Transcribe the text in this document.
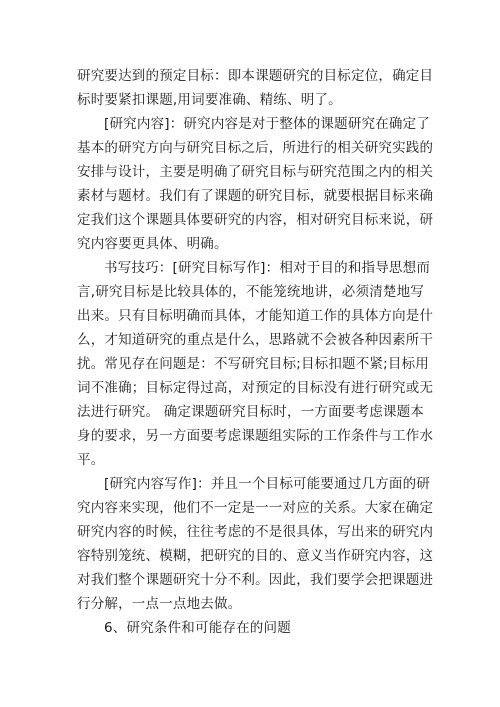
研究要达到的预定目标：即本课题研究的目标定位，确定目
标时要紧扣课题,用词要准确、精练、明了。
[研究内容]：研究内容是对于整体的课题研究在确定了
基本的研究方向与研究目标之后，所进行的相关研究实践的
安排与设计，主要是明确了研究目标与研究范围之内的相关
素材与题材。我们有了课题的研究目标，就要根据目标来确
定我们这个课题具体要研究的内容，相对研究目标来说，研
究内容要更具体、明确。
书写技巧：[研究目标写作]：相对于目的和指导思想而
言,研究目标是比较具体的，不能笼统地讲，必须清楚地写
出来。只有目标明确而具体，才能知道工作的具体方向是什
么，才知道研究的重点是什么，思路就不会被各种因素所干
扰。常见存在问题是：不写研究目标;目标扣题不紧;目标用
词不准确；目标定得过高，对预定的目标没有进行研究或无
法进行研究。 确定课题研究目标时，一方面要考虑课题本
身的要求，另一方面要考虑课题组实际的工作条件与工作水
平。
[研究内容写作]：并且一个目标可能要通过几方面的研
究内容来实现，他们不一定是一一对应的关系。大家在确定
研究内容的时候，往往考虑的不是很具体，写出来的研究内
容特别笼统、模糊，把研究的目的、意义当作研究内容，这
对我们整个课题研究十分不利。因此，我们要学会把课题进
行分解，一点一点地去做。
6、研究条件和可能存在的问题
